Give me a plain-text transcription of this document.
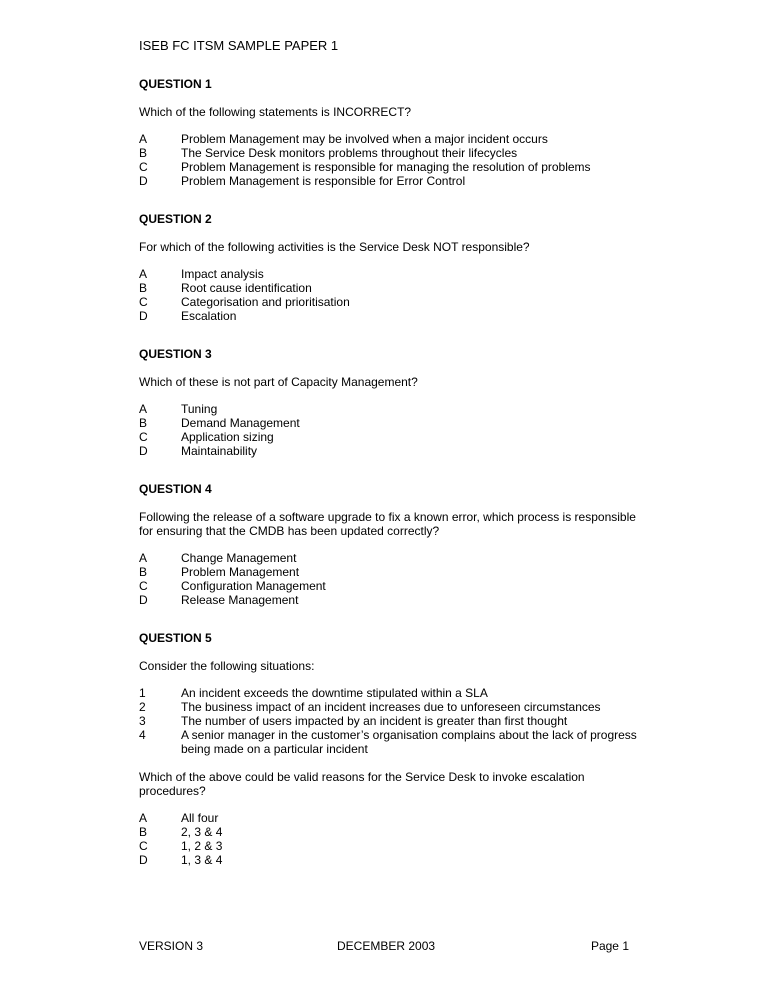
ISEB FC ITSM SAMPLE PAPER 1
QUESTION 1
Which of the following statements is INCORRECT?
A	Problem Management may be involved when a major incident occurs
B	The Service Desk monitors problems throughout their lifecycles
C	Problem Management is responsible for managing the resolution of problems
D	Problem Management is responsible for Error Control
QUESTION 2
For which of the following activities is the Service Desk NOT responsible?
A	Impact analysis
B	Root cause identification
C	Categorisation and prioritisation
D	Escalation
QUESTION 3
Which of these is not part of Capacity Management?
A	Tuning
B	Demand Management
C	Application sizing
D	Maintainability
QUESTION 4
Following the release of a software upgrade to fix a known error, which process is responsible for ensuring that the CMDB has been updated correctly?
A	Change Management
B	Problem Management
C	Configuration Management
D	Release Management
QUESTION 5
Consider the following situations:
1	An incident exceeds the downtime stipulated within a SLA
2	The business impact of an incident increases due to unforeseen circumstances
3	The number of users impacted by an incident is greater than first thought
4	A senior manager in the customer’s organisation complains about the lack of progress being made on a particular incident
Which of the above could be valid reasons for the Service Desk to invoke escalation procedures?
A	All four
B	2, 3 & 4
C	1, 2 & 3
D	1, 3 & 4
VERSION 3	DECEMBER 2003	Page 1
